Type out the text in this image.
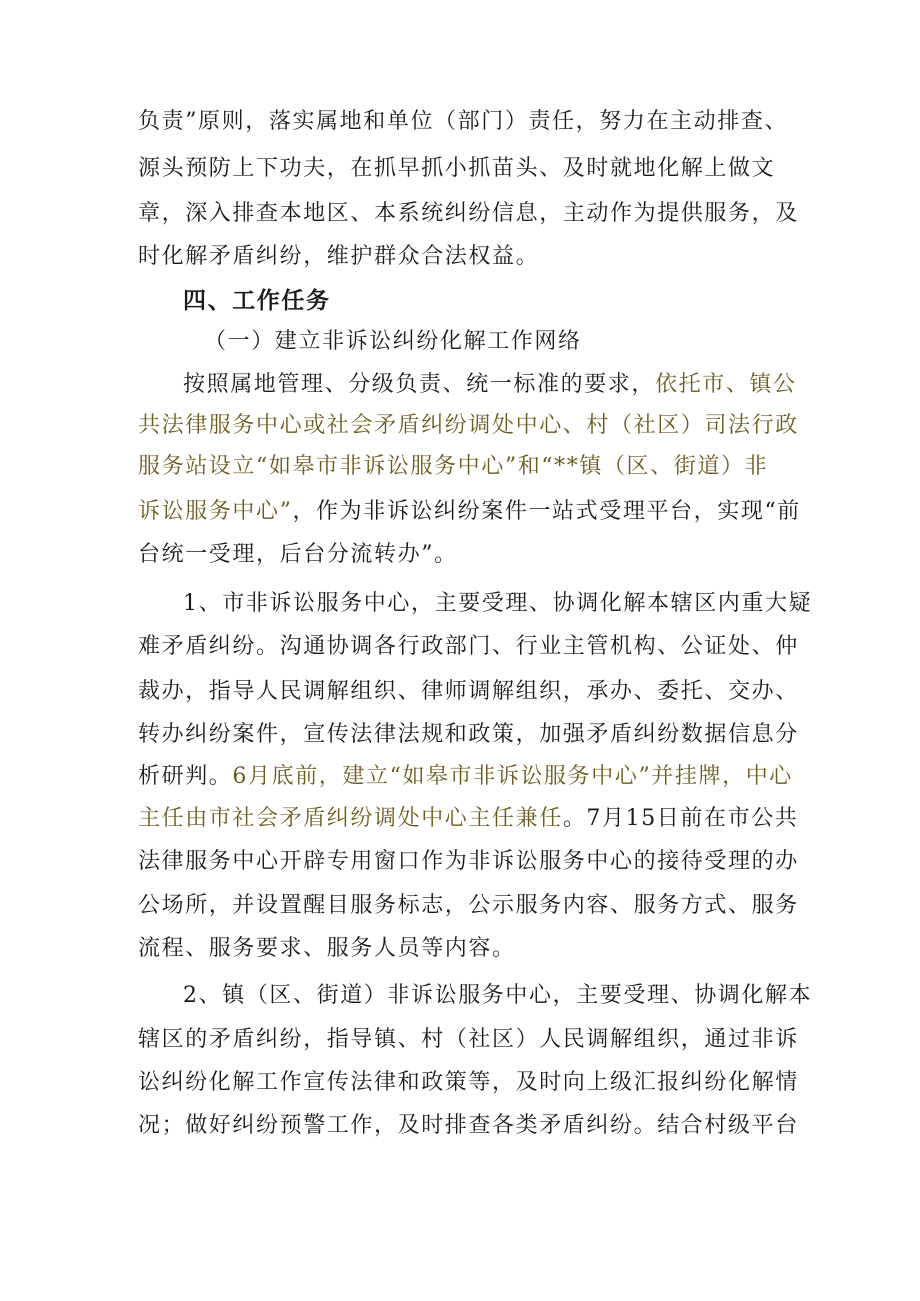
负责”原则，落实属地和单位（部门）责任，努力在主动排查、
源头预防上下功夫，在抓早抓小抓苗头、及时就地化解上做文
章，深入排查本地区、本系统纠纷信息，主动作为提供服务，及
时化解矛盾纠纷，维护群众合法权益。
四、工作任务
（一）建立非诉讼纠纷化解工作网络
按照属地管理、分级负责、统一标准的要求，依托市、镇公
共法律服务中心或社会矛盾纠纷调处中心、村（社区）司法行政
服务站设立“如皋市非诉讼服务中心”和“**镇（区、街道）非
诉讼服务中心”，作为非诉讼纠纷案件一站式受理平台，实现“前
台统一受理，后台分流转办”。
1、市非诉讼服务中心，主要受理、协调化解本辖区内重大疑
难矛盾纠纷。沟通协调各行政部门、行业主管机构、公证处、仲
裁办，指导人民调解组织、律师调解组织，承办、委托、交办、
转办纠纷案件，宣传法律法规和政策，加强矛盾纠纷数据信息分
析研判。6月底前，建立“如皋市非诉讼服务中心”并挂牌，中心
主任由市社会矛盾纠纷调处中心主任兼任。7月15日前在市公共
法律服务中心开辟专用窗口作为非诉讼服务中心的接待受理的办
公场所，并设置醒目服务标志，公示服务内容、服务方式、服务
流程、服务要求、服务人员等内容。
2、镇（区、街道）非诉讼服务中心，主要受理、协调化解本
辖区的矛盾纠纷，指导镇、村（社区）人民调解组织，通过非诉
讼纠纷化解工作宣传法律和政策等，及时向上级汇报纠纷化解情
况；做好纠纷预警工作，及时排查各类矛盾纠纷。结合村级平台
